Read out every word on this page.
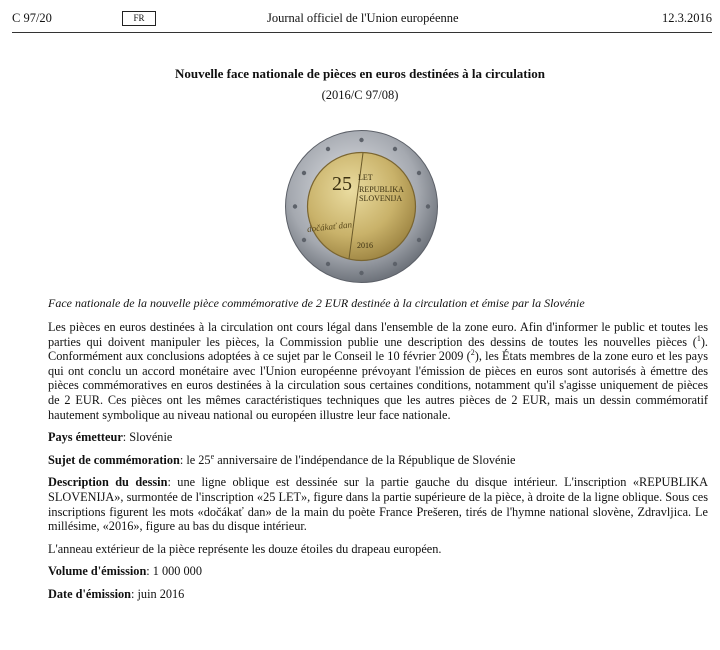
C 97/20	FR	Journal officiel de l'Union européenne	12.3.2016
Nouvelle face nationale de pièces en euros destinées à la circulation
(2016/C 97/08)
25 LET
REPUBLIKA
SLOVENIJA
dočákať dan
2016
Face nationale de la nouvelle pièce commémorative de 2 EUR destinée à la circulation et émise par la Slovénie

Les pièces en euros destinées à la circulation ont cours légal dans l'ensemble de la zone euro. Afin d'informer le public et toutes les parties qui doivent manipuler les pièces, la Commission publie une description des dessins de toutes les nouvelles pièces ($^1$). Conformément aux conclusions adoptées à ce sujet par le Conseil le 10 février 2009 ($^2$), les États membres de la zone euro et les pays qui ont conclu un accord monétaire avec l'Union européenne prévoyant l'émission de pièces en euros sont autorisés à émettre des pièces commémoratives en euros destinées à la circulation sous certaines conditions, notamment qu'il s'agisse uniquement de pièces de 2 EUR. Ces pièces ont les mêmes caractéristiques techniques que les autres pièces de 2 EUR, mais un dessin commémoratif hautement symbolique au niveau national ou européen illustre leur face nationale.

Pays émetteur: Slovénie

Sujet de commémoration: le 25e anniversaire de l'indépendance de la République de Slovénie

Description du dessin: une ligne oblique est dessinée sur la partie gauche du disque intérieur. L'inscription «REPUBLIKA SLOVENIJA», surmontée de l'inscription «25 LET», figure dans la partie supérieure de la pièce, à droite de la ligne oblique. Sous ces inscriptions figurent les mots «dočákať dan» de la main du poète France Prešeren, tirés de l'hymne national slovène, Zdravljica. Le millésime, «2016», figure au bas du disque intérieur.

L'anneau extérieur de la pièce représente les douze étoiles du drapeau européen.

Volume d'émission: 1 000 000

Date d'émission: juin 2016
